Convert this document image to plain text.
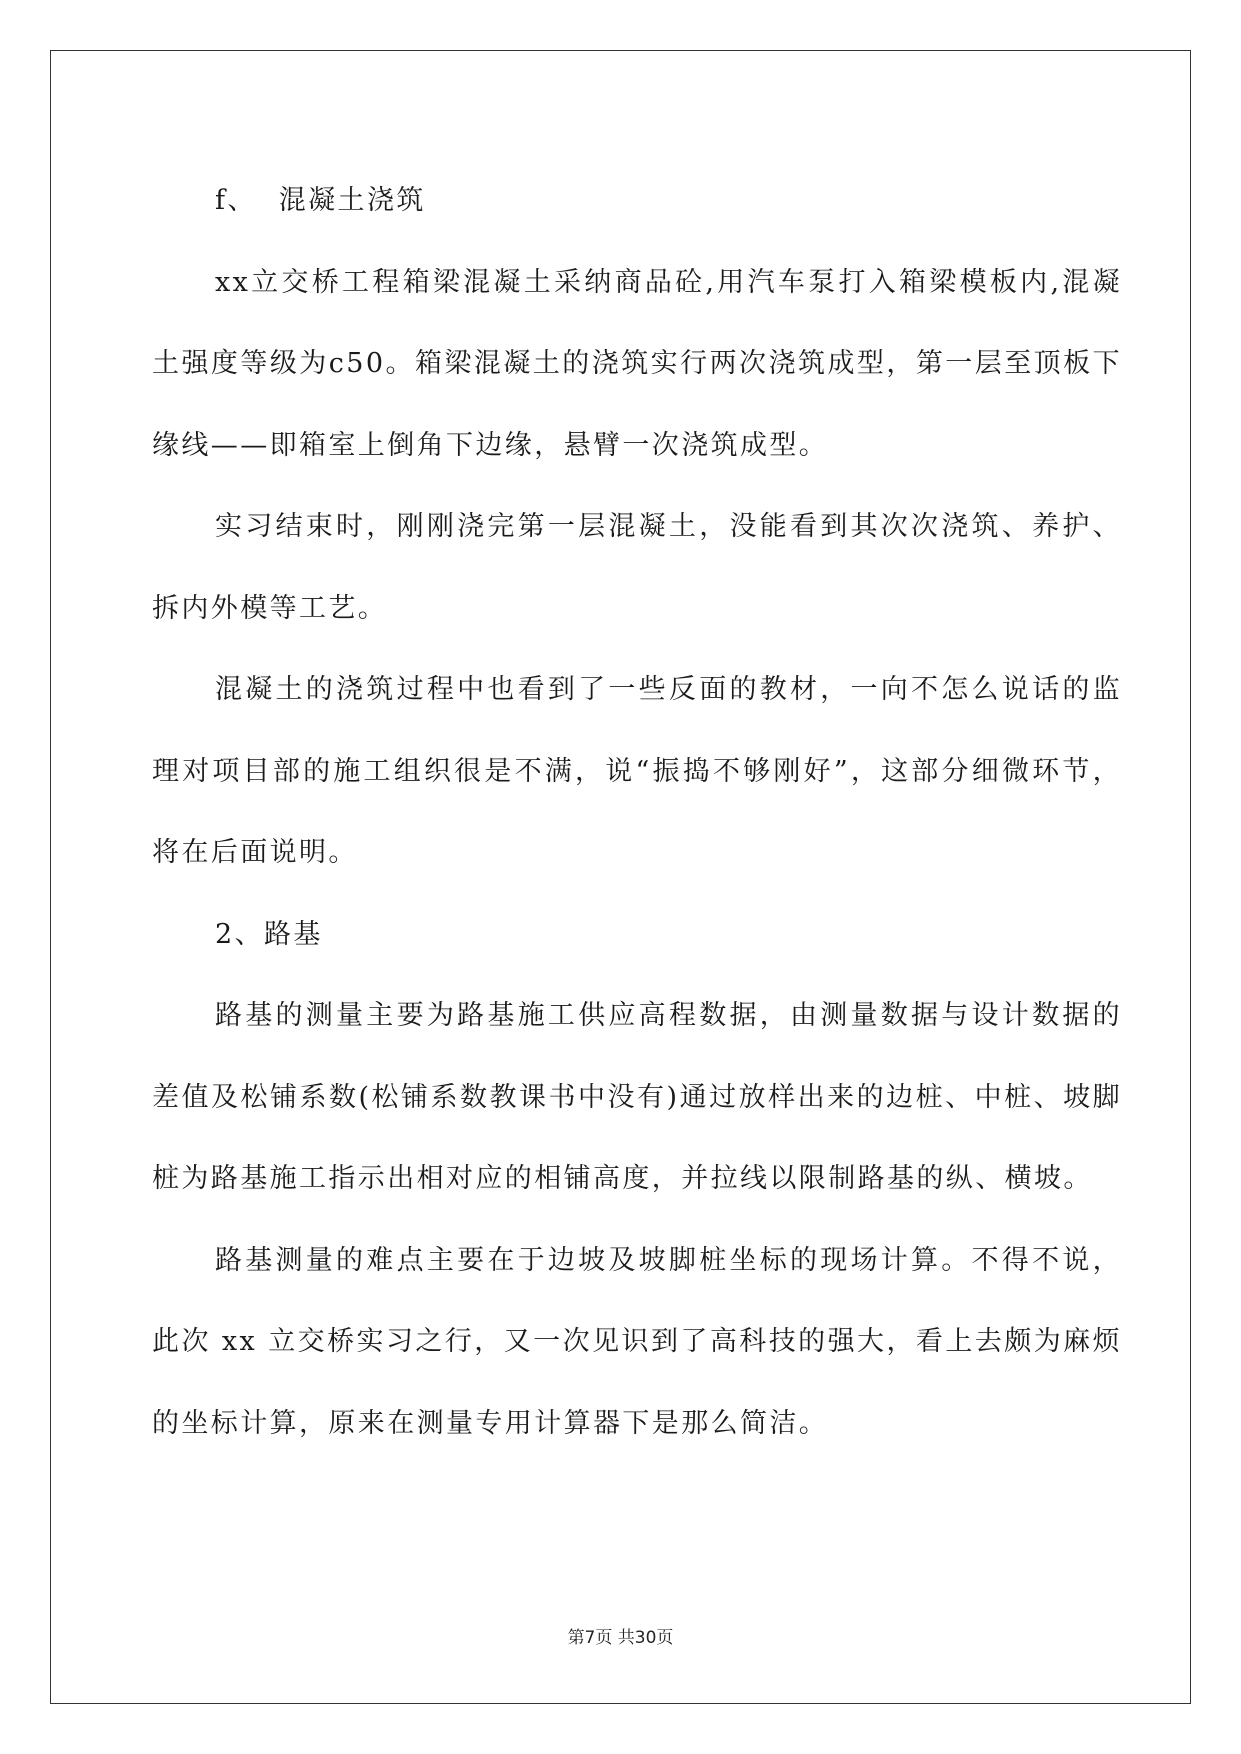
f、  混凝土浇筑

xx立交桥工程箱梁混凝土采纳商品砼,用汽车泵打入箱梁模板内,混凝土强度等级为c50。箱梁混凝土的浇筑实行两次浇筑成型，第一层至顶板下缘线——即箱室上倒角下边缘，悬臂一次浇筑成型。

实习结束时，刚刚浇完第一层混凝土，没能看到其次次浇筑、养护、拆内外模等工艺。

混凝土的浇筑过程中也看到了一些反面的教材，一向不怎么说话的监理对项目部的施工组织很是不满，说“振捣不够刚好”，这部分细微环节，将在后面说明。

2、路基

路基的测量主要为路基施工供应高程数据，由测量数据与设计数据的差值及松铺系数(松铺系数教课书中没有)通过放样出来的边桩、中桩、坡脚桩为路基施工指示出相对应的相铺高度，并拉线以限制路基的纵、横坡。

路基测量的难点主要在于边坡及坡脚桩坐标的现场计算。不得不说，此次 xx 立交桥实习之行，又一次见识到了高科技的强大，看上去颇为麻烦的坐标计算，原来在测量专用计算器下是那么简洁。

第7页 共30页
